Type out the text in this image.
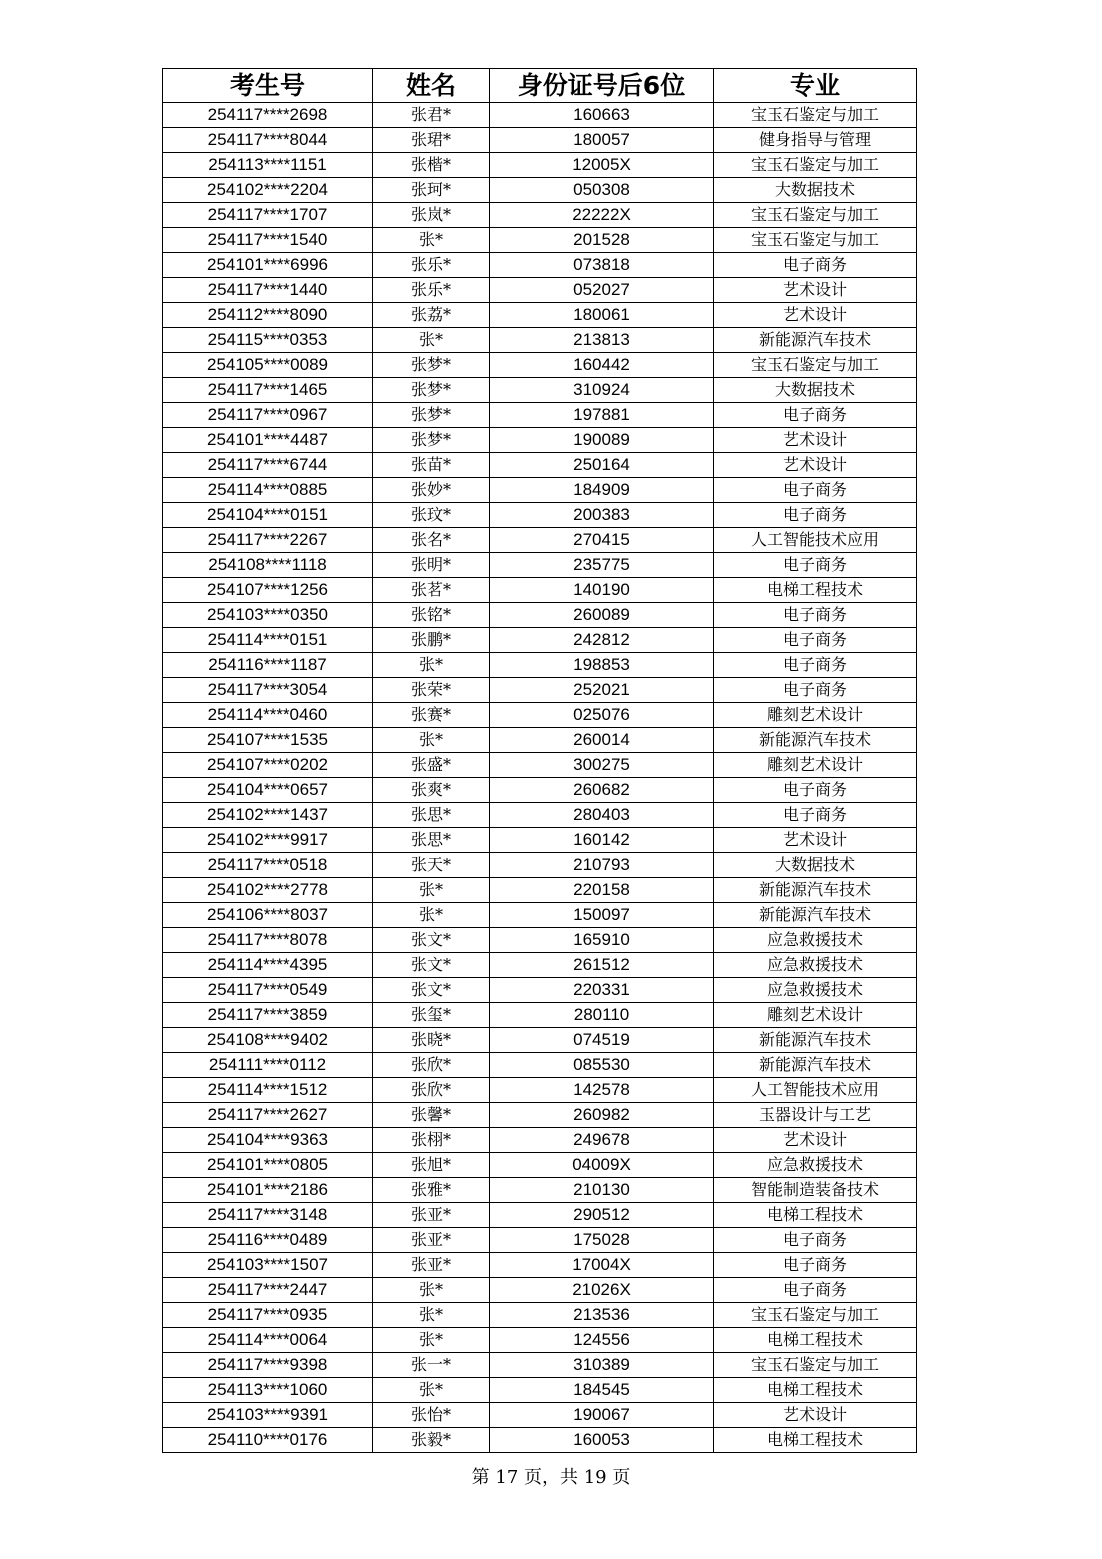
考生号	姓名	身份证号后6位	专业
254117****2698	张君*	160663	宝玉石鉴定与加工
254117****8044	张珺*	180057	健身指导与管理
254113****1151	张楷*	12005X	宝玉石鉴定与加工
254102****2204	张珂*	050308	大数据技术
254117****1707	张岚*	22222X	宝玉石鉴定与加工
254117****1540	张*	201528	宝玉石鉴定与加工
254101****6996	张乐*	073818	电子商务
254117****1440	张乐*	052027	艺术设计
254112****8090	张荔*	180061	艺术设计
254115****0353	张*	213813	新能源汽车技术
254105****0089	张梦*	160442	宝玉石鉴定与加工
254117****1465	张梦*	310924	大数据技术
254117****0967	张梦*	197881	电子商务
254101****4487	张梦*	190089	艺术设计
254117****6744	张苗*	250164	艺术设计
254114****0885	张妙*	184909	电子商务
254104****0151	张玟*	200383	电子商务
254117****2267	张名*	270415	人工智能技术应用
254108****1118	张明*	235775	电子商务
254107****1256	张茗*	140190	电梯工程技术
254103****0350	张铭*	260089	电子商务
254114****0151	张鹏*	242812	电子商务
254116****1187	张*	198853	电子商务
254117****3054	张荣*	252021	电子商务
254114****0460	张赛*	025076	雕刻艺术设计
254107****1535	张*	260014	新能源汽车技术
254107****0202	张盛*	300275	雕刻艺术设计
254104****0657	张爽*	260682	电子商务
254102****1437	张思*	280403	电子商务
254102****9917	张思*	160142	艺术设计
254117****0518	张天*	210793	大数据技术
254102****2778	张*	220158	新能源汽车技术
254106****8037	张*	150097	新能源汽车技术
254117****8078	张文*	165910	应急救援技术
254114****4395	张文*	261512	应急救援技术
254117****0549	张文*	220331	应急救援技术
254117****3859	张玺*	280110	雕刻艺术设计
254108****9402	张晓*	074519	新能源汽车技术
254111****0112	张欣*	085530	新能源汽车技术
254114****1512	张欣*	142578	人工智能技术应用
254117****2627	张馨*	260982	玉器设计与工艺
254104****9363	张栩*	249678	艺术设计
254101****0805	张旭*	04009X	应急救援技术
254101****2186	张雅*	210130	智能制造装备技术
254117****3148	张亚*	290512	电梯工程技术
254116****0489	张亚*	175028	电子商务
254103****1507	张亚*	17004X	电子商务
254117****2447	张*	21026X	电子商务
254117****0935	张*	213536	宝玉石鉴定与加工
254114****0064	张*	124556	电梯工程技术
254117****9398	张一*	310389	宝玉石鉴定与加工
254113****1060	张*	184545	电梯工程技术
254103****9391	张怡*	190067	艺术设计
254110****0176	张毅*	160053	电梯工程技术
第 17 页，共 19 页
